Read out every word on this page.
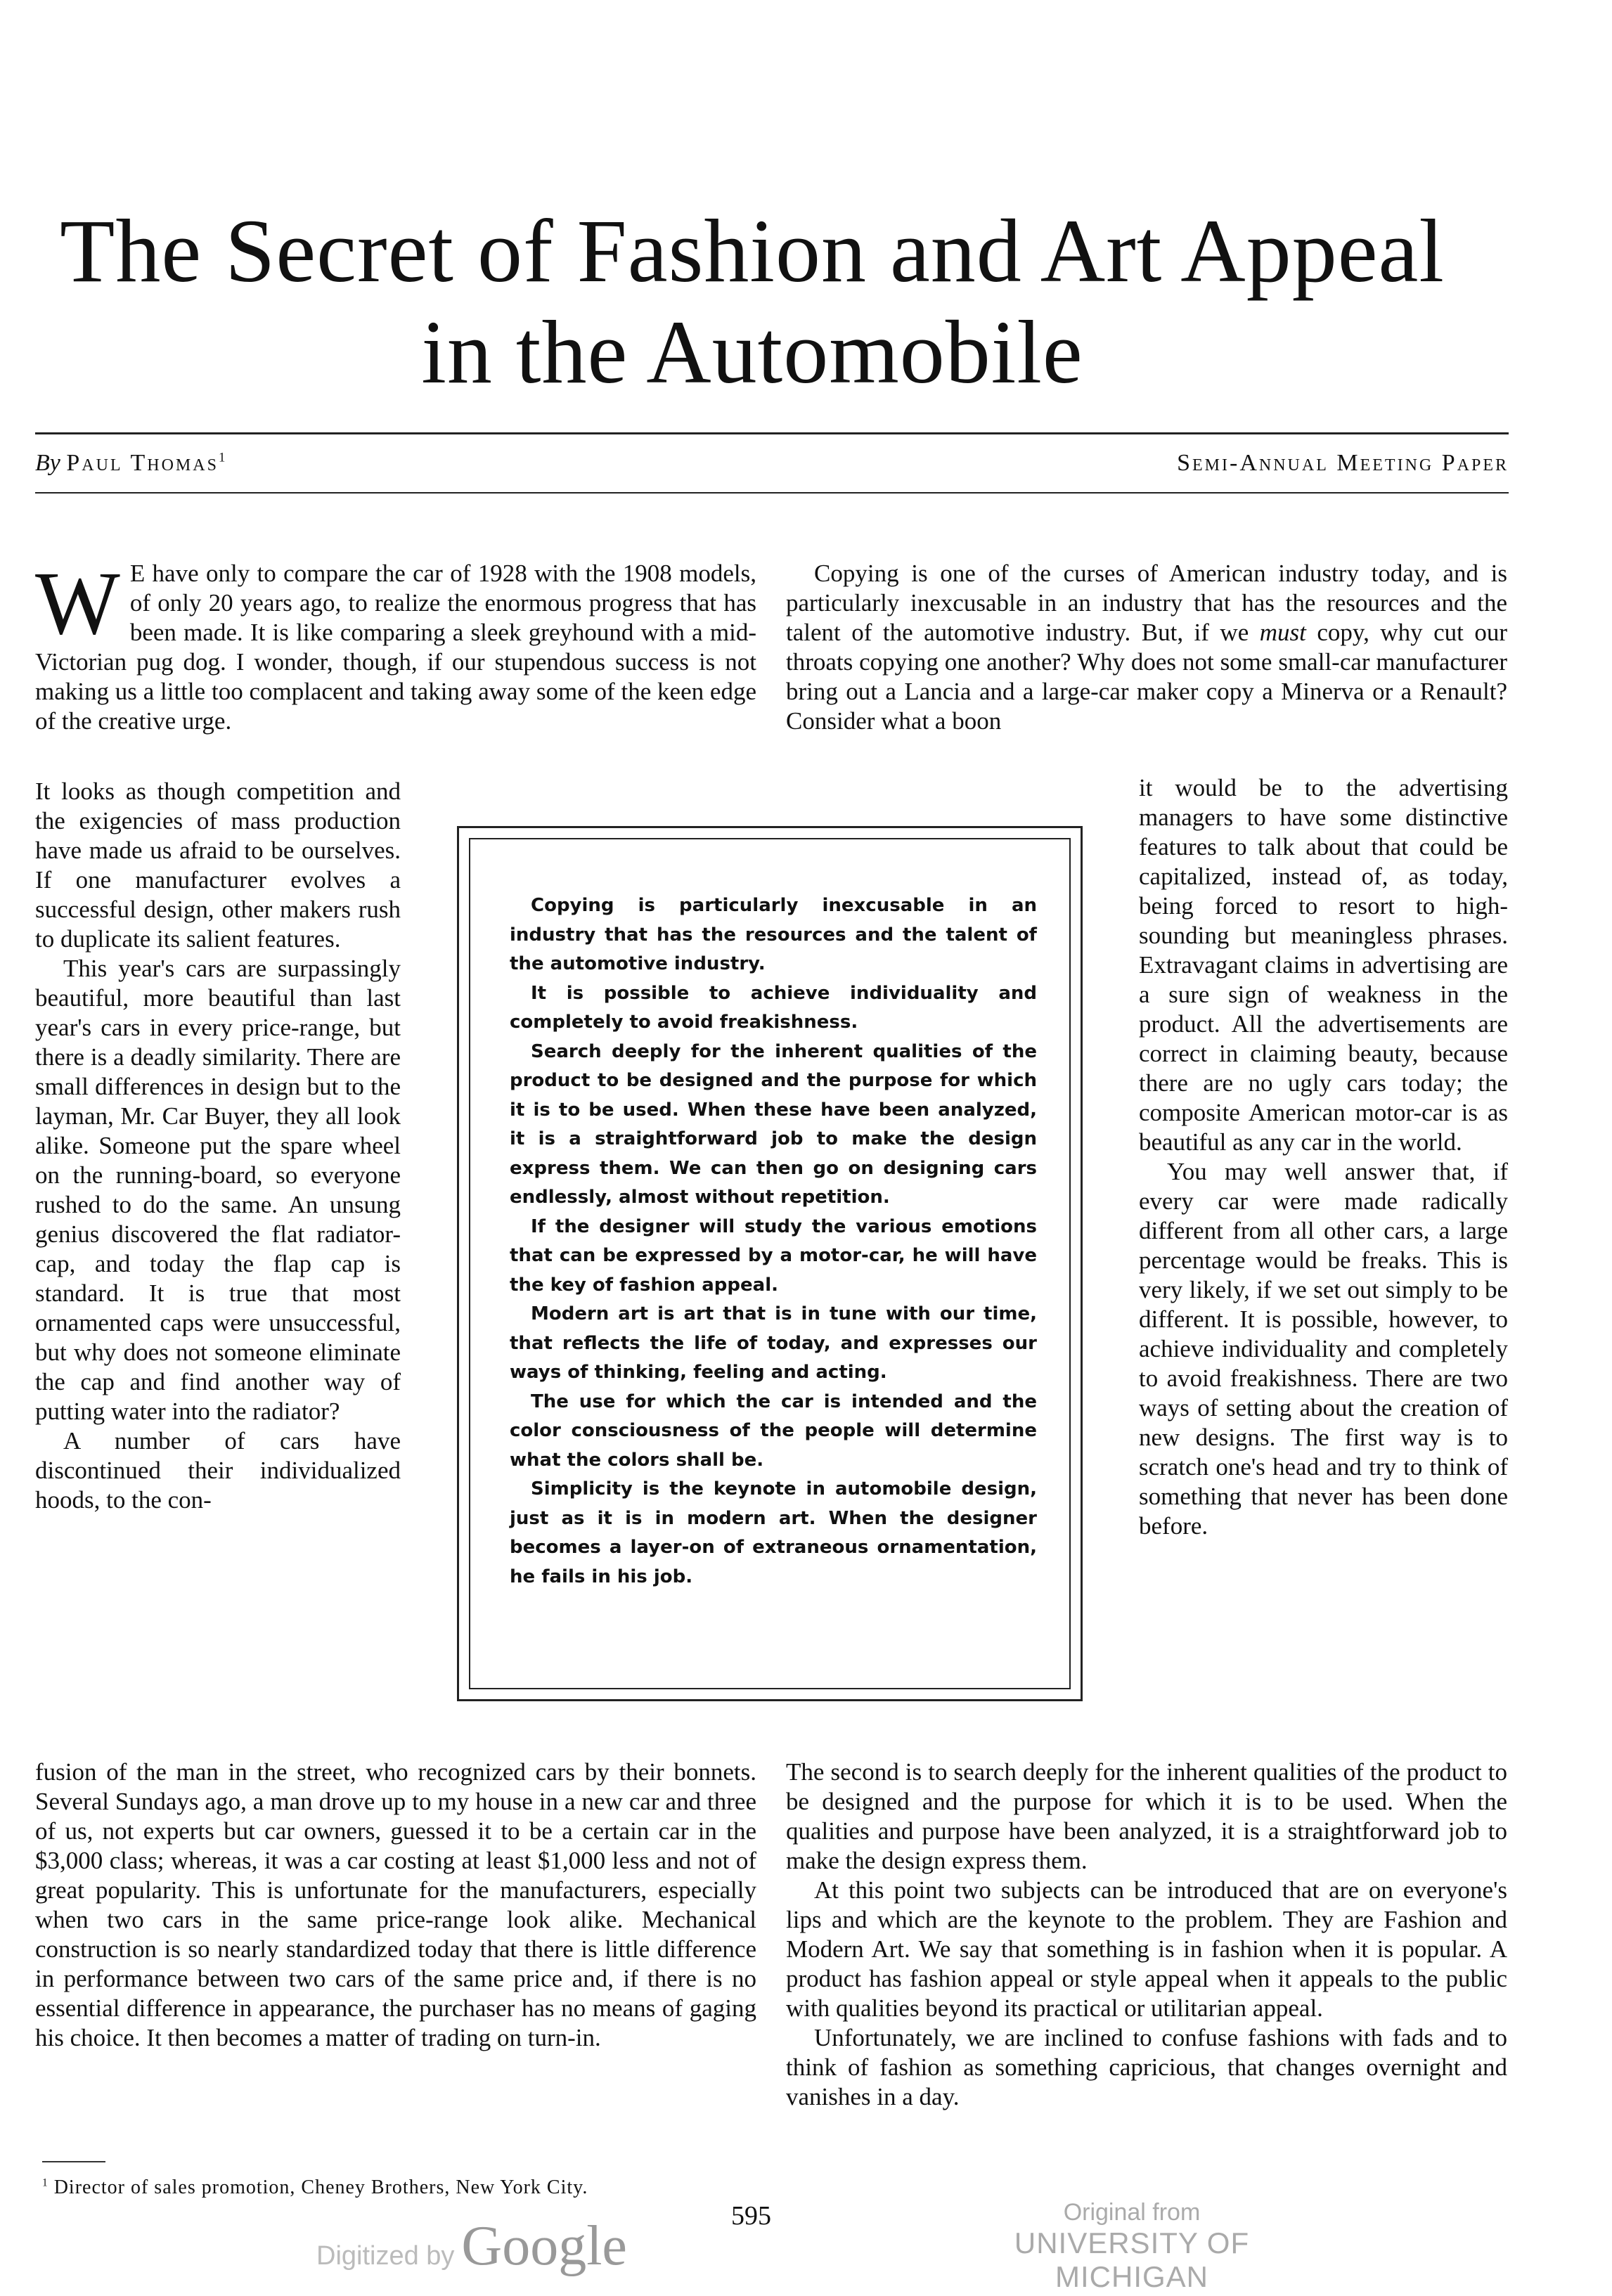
The Secret of Fashion and Art Appeal
in the Automobile
By Paul Thomas$^1$	Semi-Annual Meeting Paper
W E have only to compare the car of 1928 with the 1908 models, of only 20 years ago, to realize the enormous progress that has been made. It is like comparing a sleek greyhound with a mid-Victorian pug dog. I wonder, though, if our stupendous success is not making us a little too complacent and taking away some of the keen edge of the creative urge.

It looks as though competition and the exigencies of mass production have made us afraid to be ourselves. If one manufacturer evolves a successful design, other makers rush to duplicate its salient features.

This year's cars are surpassingly beautiful, more beautiful than last year's cars in every price-range, but there is a deadly similarity. There are small differences in design but to the layman, Mr. Car Buyer, they all look alike. Someone put the spare wheel on the running-board, so everyone rushed to do the same. An unsung genius discovered the flat radiator-cap, and today the flap cap is standard. It is true that most ornamented caps were unsuccessful, but why does not someone eliminate the cap and find another way of putting water into the radiator?

A number of cars have discontinued their individualized hoods, to the con-

fusion of the man in the street, who recognized cars by their bonnets. Several Sundays ago, a man drove up to my house in a new car and three of us, not experts but car owners, guessed it to be a certain car in the $3,000 class; whereas, it was a car costing at least $1,000 less and not of great popularity. This is unfortunate for the manufacturers, especially when two cars in the same price-range look alike. Mechanical construction is so nearly standardized today that there is little difference in performance between two cars of the same price and, if there is no essential difference in appearance, the purchaser has no means of gaging his choice. It then becomes a matter of trading on turn-in.

Copying is one of the curses of American industry today, and is particularly inexcusable in an industry that has the resources and the talent of the automotive industry. But, if we must copy, why cut our throats copying one another? Why does not some small-car manufacturer bring out a Lancia and a large-car maker copy a Minerva or a Renault? Consider what a boon

it would be to the advertising managers to have some distinctive features to talk about that could be capitalized, instead of, as today, being forced to resort to high-sounding but meaningless phrases. Extravagant claims in advertising are a sure sign of weakness in the product. All the advertisements are correct in claiming beauty, because there are no ugly cars today; the composite American motor-car is as beautiful as any car in the world.

You may well answer that, if every car were made radically different from all other cars, a large percentage would be freaks. This is very likely, if we set out simply to be different. It is possible, however, to achieve individuality and completely to avoid freakishness. There are two ways of setting about the creation of new designs. The first way is to scratch one's head and try to think of something that never has been done before.

The second is to search deeply for the inherent qualities of the product to be designed and the purpose for which it is to be used. When the qualities and purpose have been analyzed, it is a straightforward job to make the design express them.

At this point two subjects can be introduced that are on everyone's lips and which are the keynote to the problem. They are Fashion and Modern Art. We say that something is in fashion when it is popular. A product has fashion appeal or style appeal when it appeals to the public with qualities beyond its practical or utilitarian appeal.

Unfortunately, we are inclined to confuse fashions with fads and to think of fashion as something capricious, that changes overnight and vanishes in a day.

Copying is particularly inexcusable in an industry that has the resources and the talent of the automotive industry.

It is possible to achieve individuality and completely to avoid freakishness.

Search deeply for the inherent qualities of the product to be designed and the purpose for which it is to be used. When these have been analyzed, it is a straightforward job to make the design express them. We can then go on designing cars endlessly, almost without repetition.

If the designer will study the various emotions that can be expressed by a motor-car, he will have the key of fashion appeal.

Modern art is art that is in tune with our time, that reflects the life of today, and expresses our ways of thinking, feeling and acting.

The use for which the car is intended and the color consciousness of the people will determine what the colors shall be.

Simplicity is the keynote in automobile design, just as it is in modern art. When the designer becomes a layer-on of extraneous ornamentation, he fails in his job.

$^1$ Director of sales promotion, Cheney Brothers, New York City.
595
Digitized by Google
Original from
UNIVERSITY OF MICHIGAN
